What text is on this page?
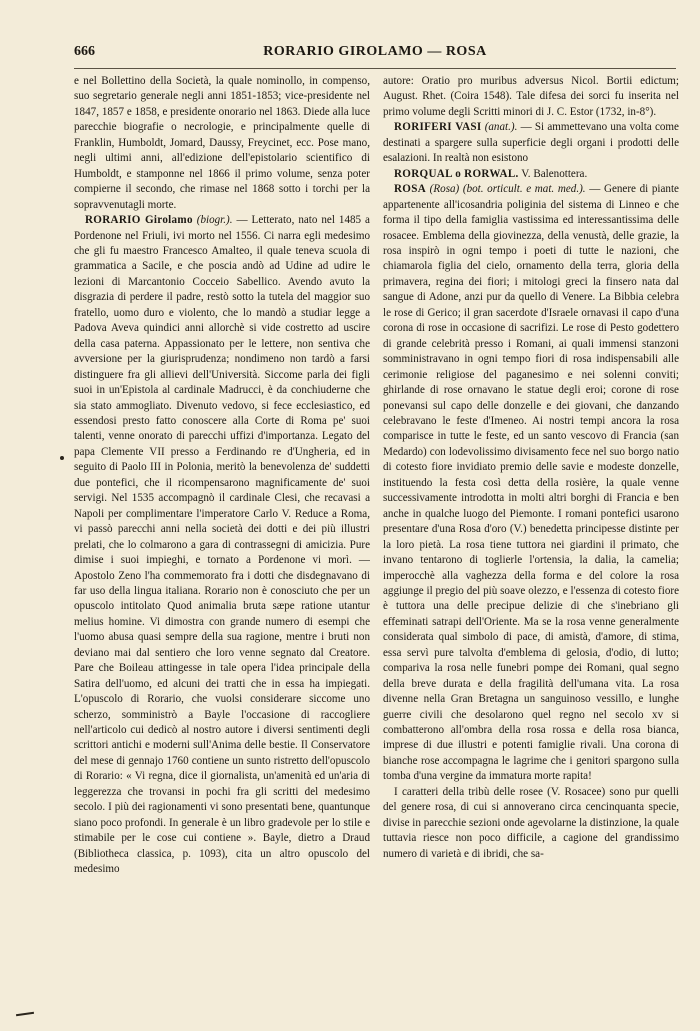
666	RORARIO GIROLAMO — ROSA

e nel Bollettino della Società, la quale nominollo, in compenso, suo segretario generale negli anni 1851-1853; vice-presidente nel 1847, 1857 e 1858, e presidente onorario nel 1863. Diede alla luce parecchie biografie o necrologie, e principalmente quelle di Franklin, Humboldt, Jomard, Daussy, Freycinet, ecc. Pose mano, negli ultimi anni, all'edizione dell'epistolario scientifico di Humboldt, e stamponne nel 1866 il primo volume, senza poter compierne il secondo, che rimase nel 1868 sotto i torchi per la sopravvenutagli morte.

RORARIO Girolamo (biogr.). — Letterato, nato nel 1485 a Pordenone nel Friuli, ivi morto nel 1556. Ci narra egli medesimo che gli fu maestro Francesco Amalteo, il quale teneva scuola di grammatica a Sacile, e che poscia andò ad Udine ad udire le lezioni di Marcantonio Cocceio Sabellico. Avendo avuto la disgrazia di perdere il padre, restò sotto la tutela del maggior suo fratello, uomo duro e violento, che lo mandò a studiar legge a Padova Aveva quindici anni allorchè si vide costretto ad uscire della casa paterna. Appassionato per le lettere, non sentiva che avversione per la giurisprudenza; nondimeno non tardò a farsi distinguere fra gli allievi dell'Università. Siccome parla dei figli suoi in un'Epistola al cardinale Madrucci, è da conchiuderne che sia stato ammogliato. Divenuto vedovo, si fece ecclesiastico, ed essendosi presto fatto conoscere alla Corte di Roma pe' suoi talenti, venne onorato di parecchi uffizi d'importanza. Legato del papa Clemente VII presso a Ferdinando re d'Ungheria, ed in seguito di Paolo III in Polonia, meritò la benevolenza de' suddetti due pontefici, che il ricompensarono magnificamente de' suoi servigi. Nel 1535 accompagnò il cardinale Clesi, che recavasi a Napoli per complimentare l'imperatore Carlo V. Reduce a Roma, vi passò parecchi anni nella società dei dotti e dei più illustri prelati, che lo colmarono a gara di contrassegni di amicizia. Pure dimise i suoi impieghi, e tornato a Pordenone vi morì. — Apostolo Zeno l'ha commemorato fra i dotti che disdegnavano di far uso della lingua italiana. Rorario non è conosciuto che per un opuscolo intitolato Quod animalia bruta sæpe ratione utantur melius homine. Vi dimostra con grande numero di esempi che l'uomo abusa quasi sempre della sua ragione, mentre i bruti non deviano mai dal sentiero che loro venne segnato dal Creatore. Pare che Boileau attingesse in tale opera l'idea principale della Satira dell'uomo, ed alcuni dei tratti che in essa ha impiegati. L'opuscolo di Rorario, che vuolsi considerare siccome uno scherzo, somministrò a Bayle l'occasione di raccogliere nell'articolo cui dedicò al nostro autore i diversi sentimenti degli scrittori antichi e moderni sull'Anima delle bestie. Il Conservatore del mese di gennajo 1760 contiene un sunto ristretto dell'opuscolo di Rorario: « Vi regna, dice il giornalista, un'amenità ed un'aria di leggerezza che trovansi in pochi fra gli scritti del medesimo secolo. I più dei ragionamenti vi sono presentati bene, quantunque siano poco profondi. In generale è un libro gradevole per lo stile e stimabile per le cose cui contiene ». Bayle, dietro a Draud (Bibliotheca classica, p. 1093), cita un altro opuscolo del medesimo

autore: Oratio pro muribus adversus Nicol. Bortii edictum; August. Rhet. (Coira 1548). Tale difesa dei sorci fu inserita nel primo volume degli Scritti minori di J. C. Estor (1732, in-8°).

RORIFERI VASI (anat.). — Si ammettevano una volta come destinati a spargere sulla superficie degli organi i prodotti delle esalazioni. In realtà non esistono

RORQUAL o RORWAL. V. Balenottera.

ROSA (Rosa) (bot. orticult. e mat. med.). — Genere di piante appartenente all'icosandria poliginia del sistema di Linneo e che forma il tipo della famiglia vastissima ed interessantissima delle rosacee. Emblema della giovinezza, della venustà, delle grazie, la rosa inspirò in ogni tempo i poeti di tutte le nazioni, che chiamarola figlia del cielo, ornamento della terra, gloria della primavera, regina dei fiori; i mitologi greci la finsero nata dal sangue di Adone, anzi pur da quello di Venere. La Bibbia celebra le rose di Gerico; il gran sacerdote d'Israele ornavasi il capo d'una corona di rose in occasione di sacrifizi. Le rose di Pesto godettero di grande celebrità presso i Romani, ai quali immensi stanzoni somministravano in ogni tempo fiori di rosa indispensabili alle cerimonie religiose del paganesimo e nei solenni conviti; ghirlande di rose ornavano le statue degli eroi; corone di rose ponevansi sul capo delle donzelle e dei giovani, che danzando celebravano le feste d'Imeneo. Ai nostri tempi ancora la rosa comparisce in tutte le feste, ed un santo vescovo di Francia (san Medardo) con lodevolissimo divisamento fece nel suo borgo natio di cotesto fiore invidiato premio delle savie e modeste donzelle, instituendo la festa così detta della rosière, la quale venne successivamente introdotta in molti altri borghi di Francia e ben anche in qualche luogo del Piemonte. I romani pontefici usarono presentare d'una Rosa d'oro (V.) benedetta principesse distinte per la loro pietà. La rosa tiene tuttora nei giardini il primato, che invano tentarono di toglierle l'ortensia, la dalia, la camelia; imperocchè alla vaghezza della forma e del colore la rosa aggiunge il pregio del più soave olezzo, e l'essenza di cotesto fiore è tuttora una delle precipue delizie di che s'inebriano gli effeminati satrapi dell'Oriente. Ma se la rosa venne generalmente considerata qual simbolo di pace, di amistà, d'amore, di stima, essa servì pure talvolta d'emblema di gelosia, d'odio, di lutto; compariva la rosa nelle funebri pompe dei Romani, qual segno della breve durata e della fragilità dell'umana vita. La rosa divenne nella Gran Bretagna un sanguinoso vessillo, e lunghe guerre civili che desolarono quel regno nel secolo xv si combatterono all'ombra della rosa rossa e della rosa bianca, imprese di due illustri e potenti famiglie rivali. Una corona di bianche rose accompagna le lagrime che i genitori spargono sulla tomba d'una vergine da immatura morte rapita!

I caratteri della tribù delle rosee (V. Rosacee) sono pur quelli del genere rosa, di cui si annoverano circa cencinquanta specie, divise in parecchie sezioni onde agevolarne la distinzione, la quale tuttavia riesce non poco difficile, a cagione del grandissimo numero di varietà e di ibridi, che sa-
